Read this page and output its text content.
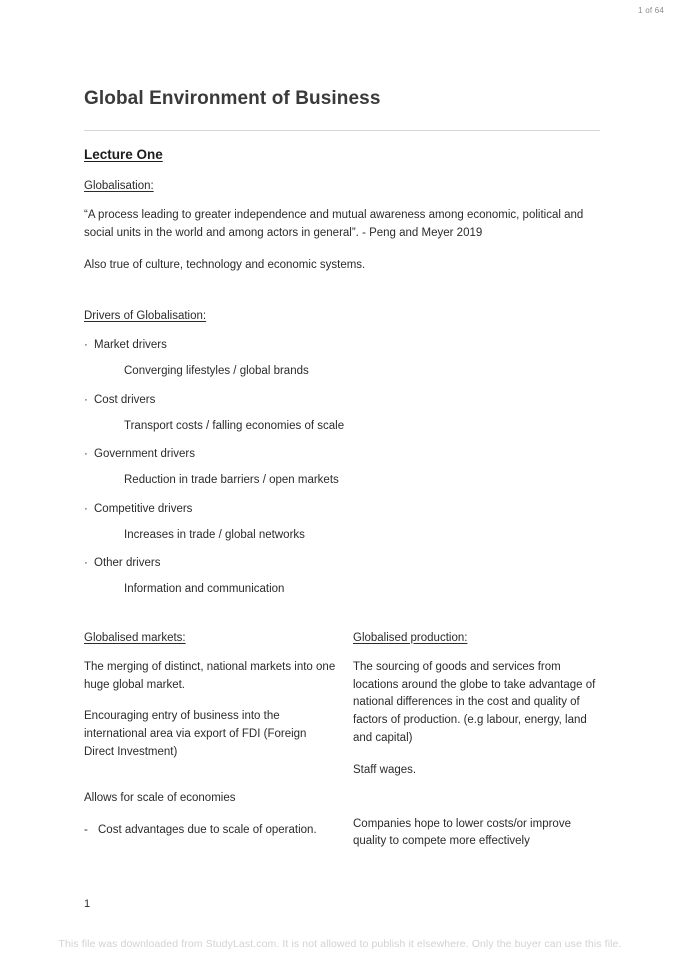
1 of 64
Global Environment of Business
Lecture One
Globalisation:

“A process leading to greater independence and mutual awareness among economic, political and social units in the world and among actors in general”. - Peng and Meyer 2019

Also true of culture, technology and economic systems.

Drivers of Globalisation:
· Market drivers
Converging lifestyles / global brands
· Cost drivers
Transport costs / falling economies of scale
· Government drivers
Reduction in trade barriers / open markets
· Competitive drivers
Increases in trade / global networks
· Other drivers
Information and communication
Globalised markets:

The merging of distinct, national markets into one huge global market.

Encouraging entry of business into the international area via export of FDI (Foreign Direct Investment)

Allows for scale of economies

- Cost advantages due to scale of operation.
Globalised production:

The sourcing of goods and services from locations around the globe to take advantage of national differences in the cost and quality of factors of production. (e.g labour, energy, land and capital)

Staff wages.

Companies hope to lower costs/or improve quality to compete more effectively

1
This file was downloaded from StudyLast.com. It is not allowed to publish it elsewhere. Only the buyer can use this file.
